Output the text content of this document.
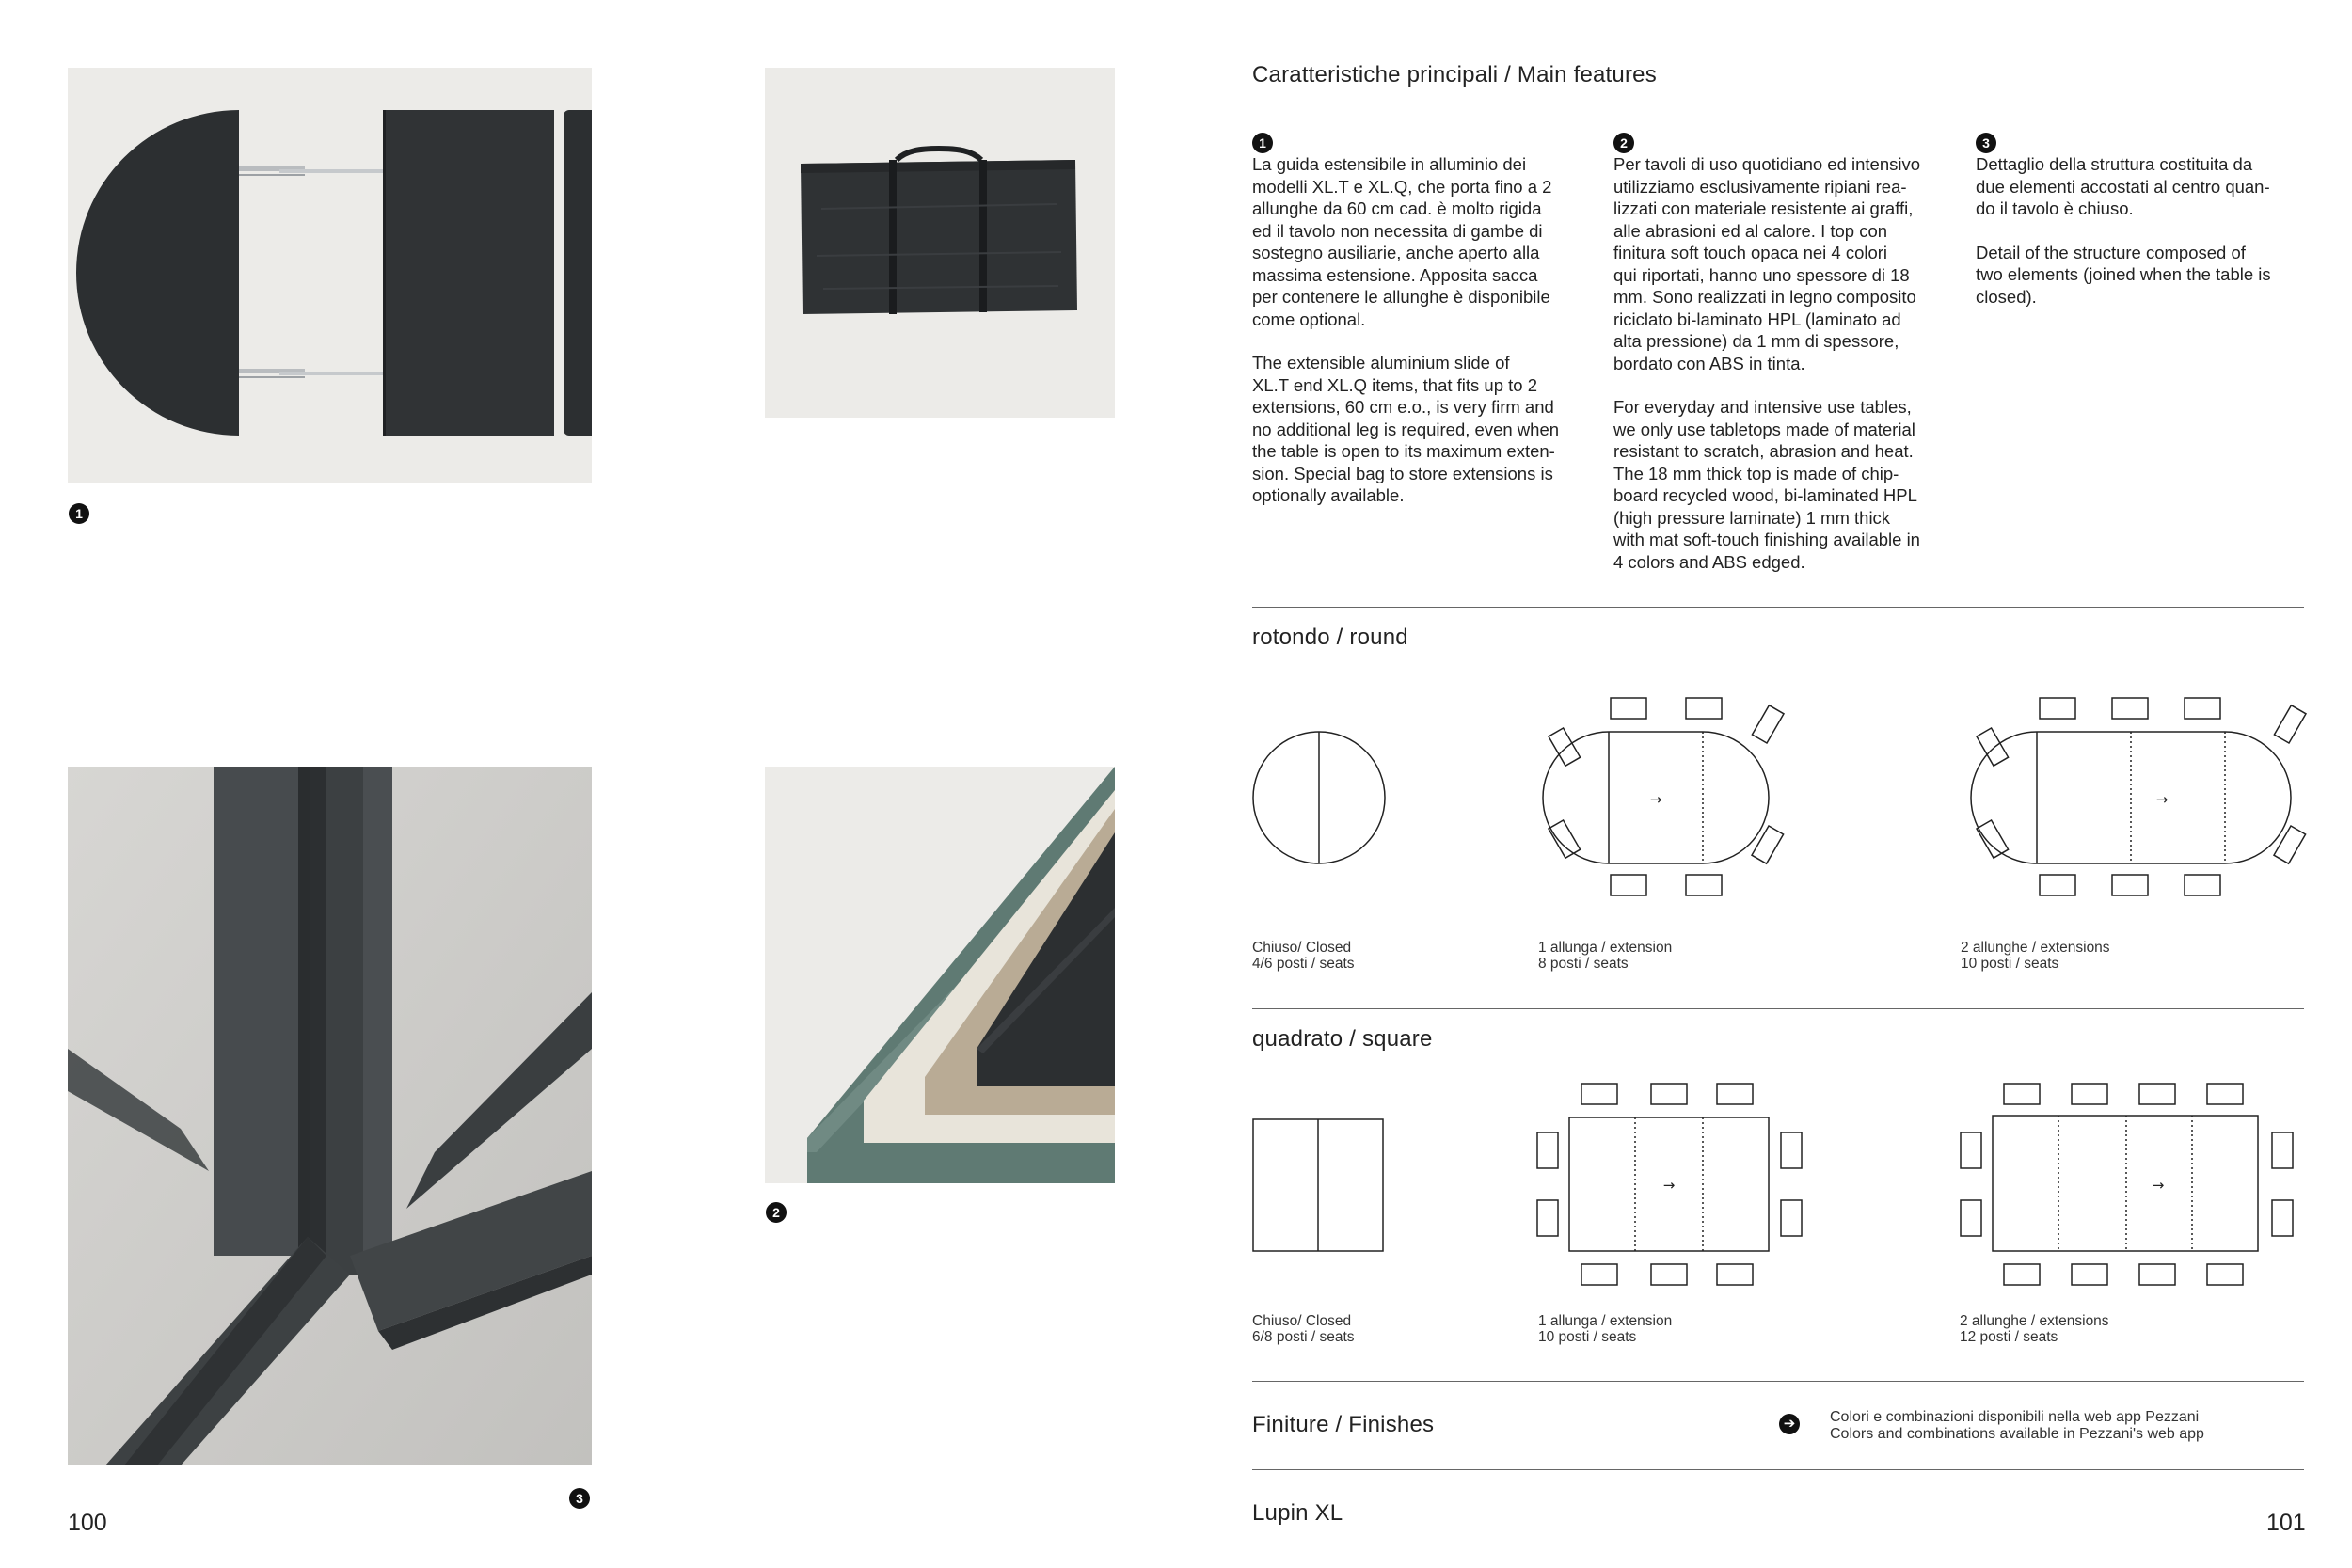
1
3
2
100
Caratteristiche principali / Main features
1

La guida estensibile in alluminio dei
modelli XL.T e XL.Q, che porta fino a 2
allunghe da 60 cm cad. è molto rigida
ed il tavolo non necessita di gambe di
sostegno ausiliarie, anche aperto alla
massima estensione. Apposita sacca
per contenere le allunghe è disponibile
come optional.

The extensible aluminium slide of
XL.T end XL.Q items, that fits up to 2
extensions, 60 cm e.o., is very firm and
no additional leg is required, even when
the table is open to its maximum exten-
sion. Special bag to store extensions is
optionally available.

2

Per tavoli di uso quotidiano ed intensivo
utilizziamo esclusivamente ripiani rea-
lizzati con materiale resistente ai graffi,
alle abrasioni ed al calore. I top con
finitura soft touch opaca nei 4 colori
qui riportati, hanno uno spessore di 18
mm. Sono realizzati in legno composito
riciclato bi-laminato HPL (laminato ad
alta pressione) da 1 mm di spessore,
bordato con ABS in tinta.

For everyday and intensive use tables,
we only use tabletops made of material
resistant to scratch, abrasion and heat.
The 18 mm thick top is made of chip-
board recycled wood, bi-laminated HPL
(high pressure laminate) 1 mm thick
with mat soft-touch finishing available in
4 colors and ABS edged.

3

Dettaglio della struttura costituita da
due elementi accostati al centro quan-
do il tavolo è chiuso.

Detail of the structure composed of
two elements (joined when the table is
closed).

rotondo / round
→	→
Chiuso/ Closed
4/6 posti / seats
1 allunga / extension
8 posti / seats
2 allunghe / extensions
10 posti / seats
quadrato / square
→	→
Chiuso/ Closed
6/8 posti / seats
1 allunga / extension
10 posti / seats
2 allunghe / extensions
12 posti / seats
Finiture / Finishes	➔ Colori e combinazioni disponibili nella web app Pezzani
Colors and combinations available in Pezzani's web app
Lupin XL	101
